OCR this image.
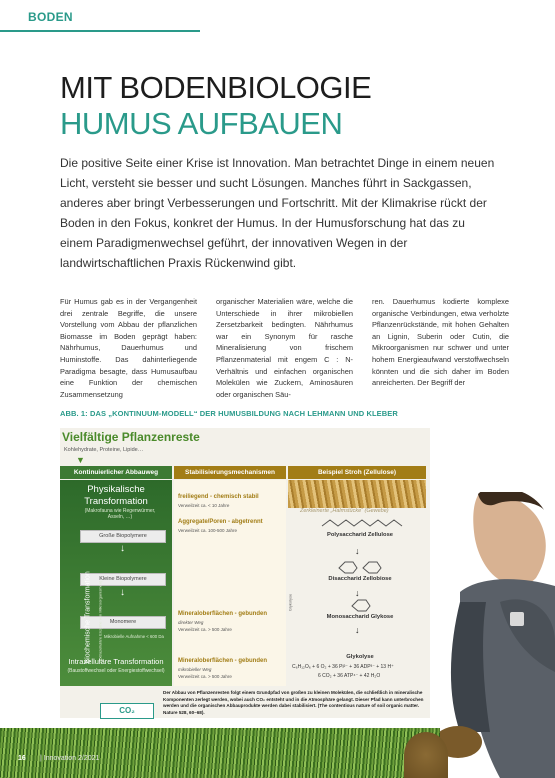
BODEN
MIT BODENBIOLOGIE
HUMUS AUFBAUEN
Die positive Seite einer Krise ist Innovation. Man betrachtet Dinge in einem neuen Licht, versteht sie besser und sucht Lösungen. Manches führt in Sackgassen, anderes aber bringt Verbesserungen und Fortschritt. Mit der Klimakrise rückt der Boden in den Fokus, konkret der Humus. In der Humusforschung hat das zu einem Paradigmenwechsel geführt, der innovativen Wegen in der landwirtschaftlichen Praxis Rückenwind gibt.
Für Humus gab es in der Vergangenheit drei zentrale Begriffe, die unsere Vorstellung vom Abbau der pflanzlichen Biomasse im Boden geprägt haben: Nährhumus, Dauerhumus und Huminstoffe. Das dahinterliegende Paradigma besagte, dass Humusaufbau eine Funktion der chemischen Zusammensetzung
organischer Materialien wäre, welche die Unterschiede in ihrer mikrobiellen Zersetzbarkeit bedingten. Nährhumus war ein Synonym für rasche Mineralisierung von frischem Pflanzenmaterial mit engem C : N-Verhältnis und einfachen organischen Molekülen wie Zuckern, Aminosäuren oder organischen Säu-
ren. Dauerhumus kodierte komplexe organische Verbindungen, etwa verholzte Pflanzenrückstände, mit hohen Gehalten an Lignin, Suberin oder Cutin, die Mikroorganismen nur schwer und unter hohem Energieaufwand verstoffwechseln könnten und die sich daher im Boden anreicherten. Der Begriff der
ABB. 1: DAS „KONTINUUM-MODELL“ DER HUMUSBILDUNG NACH LEHMANN UND KLEBER
Vielfältige Pflanzenreste
Kohlehydrate, Proteine, Lipide…
▼
Kontinuierlicher Abbauweg	Stabilisierungsmechanismen	Beispiel Stroh (Zellulose)
Physikalische Transformation
(Makrofauna wie Regenwürmer, Asseln, …)
Große Biopolymere
↓
Kleine Biopolymere
↓
Monomere
Mikrobielle Aufnahme < 600 Da
Biochemische Transformation (Extrazelluläre Enzyme von Mikroorganismen)
Intrazelluläre Transformation
(Baustoffwechsel oder Energiestoffwechsel)
freiliegend - chemisch stabil
Verweilzeit ca. < 10 Jahre
Aggregate/Poren - abgetrennt
Verweilzeit ca. 100-500 Jahre
Mineraloberflächen - gebunden
direkter Weg
Verweilzeit ca. > 500 Jahre
Mineraloberflächen - gebunden
mikrobieller Weg
Verweilzeit ca. > 500 Jahre
Zerkleinerte „Halmstücke“ (Gewebe)
Polysaccharid Zellulose
↓
Disaccharid Zellobiose
↓
Monosaccharid Glykose
↓
Glykolyse
C₆H₁₂O₆ + 6 O₂ + 36 Pi²⁻ + 36 ADP³⁻ + 13 H⁺
6 CO₂ + 36 ATP⁴⁻ + 42 H₂O
Glykolyse
Der Abbau von Pflanzenresten folgt einem Grundpfad von großen zu kleinen Molekülen, die schließlich in mineralische Komponenten zerlegt werden, wobei auch CO₂ entsteht und in die Atmosphäre gelangt. Dieser Pfad kann unterbrochen werden und die organischen Abbauprodukte werden dabei stabilisiert. (The contentious nature of soil organic matter. Nature 528, 60–68).
CO₂
16 | Innovation 2/2021
